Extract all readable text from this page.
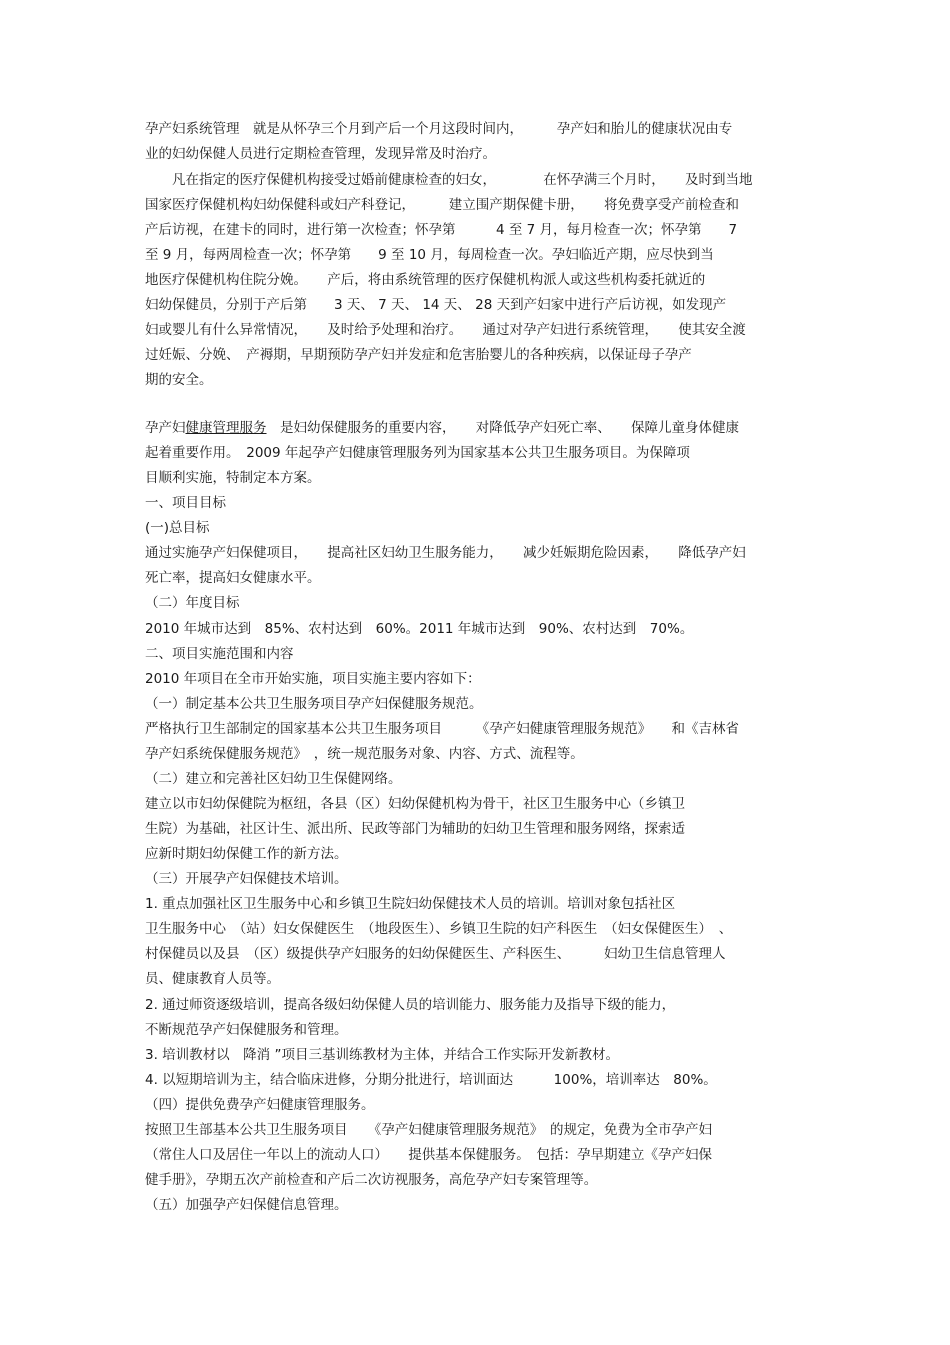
孕产妇系统管理　就是从怀孕三个月到产后一个月这段时间内，　　　孕产妇和胎儿的健康状况由专
业的妇幼保健人员进行定期检查管理，发现异常及时治疗。
　　凡在指定的医疗保健机构接受过婚前健康检查的妇女，　　　　在怀孕满三个月时，　　及时到当地
国家医疗保健机构妇幼保健科或妇产科登记，　　　建立围产期保健卡册，　　将免费享受产前检查和
产后访视，在建卡的同时，进行第一次检查；怀孕第　　　4 至 7 月，每月检查一次；怀孕第　　7
至 9 月，每两周检查一次；怀孕第　　9 至 10 月，每周检查一次。孕妇临近产期，应尽快到当
地医疗保健机构住院分娩。　　产后，将由系统管理的医疗保健机构派人或这些机构委托就近的
妇幼保健员，分别于产后第　　3 天、 7 天、 14 天、 28 天到产妇家中进行产后访视，如发现产
妇或婴儿有什么异常情况，　　及时给予处理和治疗。　　通过对孕产妇进行系统管理，　　使其安全渡
过妊娠、分娩、　产褥期，早期预防孕产妇并发症和危害胎婴儿的各种疾病，以保证母子孕产
期的安全。
孕产妇健康管理服务　是妇幼保健服务的重要内容，　　对降低孕产妇死亡率、　　保障儿童身体健康
起着重要作用。　2009 年起孕产妇健康管理服务列为国家基本公共卫生服务项目。为保障项
目顺利实施，特制定本方案。
一、项目目标
(一)总目标
通过实施孕产妇保健项目，　　提高社区妇幼卫生服务能力，　　减少妊娠期危险因素，　　降低孕产妇
死亡率，提高妇女健康水平。
（二）年度目标
2010 年城市达到　85%、农村达到　60%。2011 年城市达到　90%、农村达到　70%。
二、项目实施范围和内容
2010 年项目在全市开始实施，项目实施主要内容如下：
（一）制定基本公共卫生服务项目孕产妇保健服务规范。
严格执行卫生部制定的国家基本公共卫生服务项目　　　《孕产妇健康管理服务规范》　　和《吉林省
孕产妇系统保健服务规范》　，统一规范服务对象、内容、方式、流程等。
（二）建立和完善社区妇幼卫生保健网络。
建立以市妇幼保健院为枢纽，各县（区）妇幼保健机构为骨干，社区卫生服务中心（乡镇卫
生院）为基础，社区计生、派出所、民政等部门为辅助的妇幼卫生管理和服务网络，探索适
应新时期妇幼保健工作的新方法。
（三）开展孕产妇保健技术培训。
1. 重点加强社区卫生服务中心和乡镇卫生院妇幼保健技术人员的培训。培训对象包括社区
卫生服务中心　（站）妇女保健医生　（地段医生）、乡镇卫生院的妇产科医生　（妇女保健医生）　、
村保健员以及县　（区）级提供孕产妇服务的妇幼保健医生、产科医生、　　　妇幼卫生信息管理人
员、健康教育人员等。
2. 通过师资逐级培训，提高各级妇幼保健人员的培训能力、服务能力及指导下级的能力，
不断规范孕产妇保健服务和管理。
3. 培训教材以　降消 ”项目三基训练教材为主体，并结合工作实际开发新教材。
4. 以短期培训为主，结合临床进修，分期分批进行，培训面达　　　100%，培训率达　80%。
（四）提供免费孕产妇健康管理服务。
按照卫生部基本公共卫生服务项目　　《孕产妇健康管理服务规范》　的规定，免费为全市孕产妇
（常住人口及居住一年以上的流动人口）　　提供基本保健服务。　包括：孕早期建立《孕产妇保
健手册》，孕期五次产前检查和产后二次访视服务，高危孕产妇专案管理等。
（五）加强孕产妇保健信息管理。
